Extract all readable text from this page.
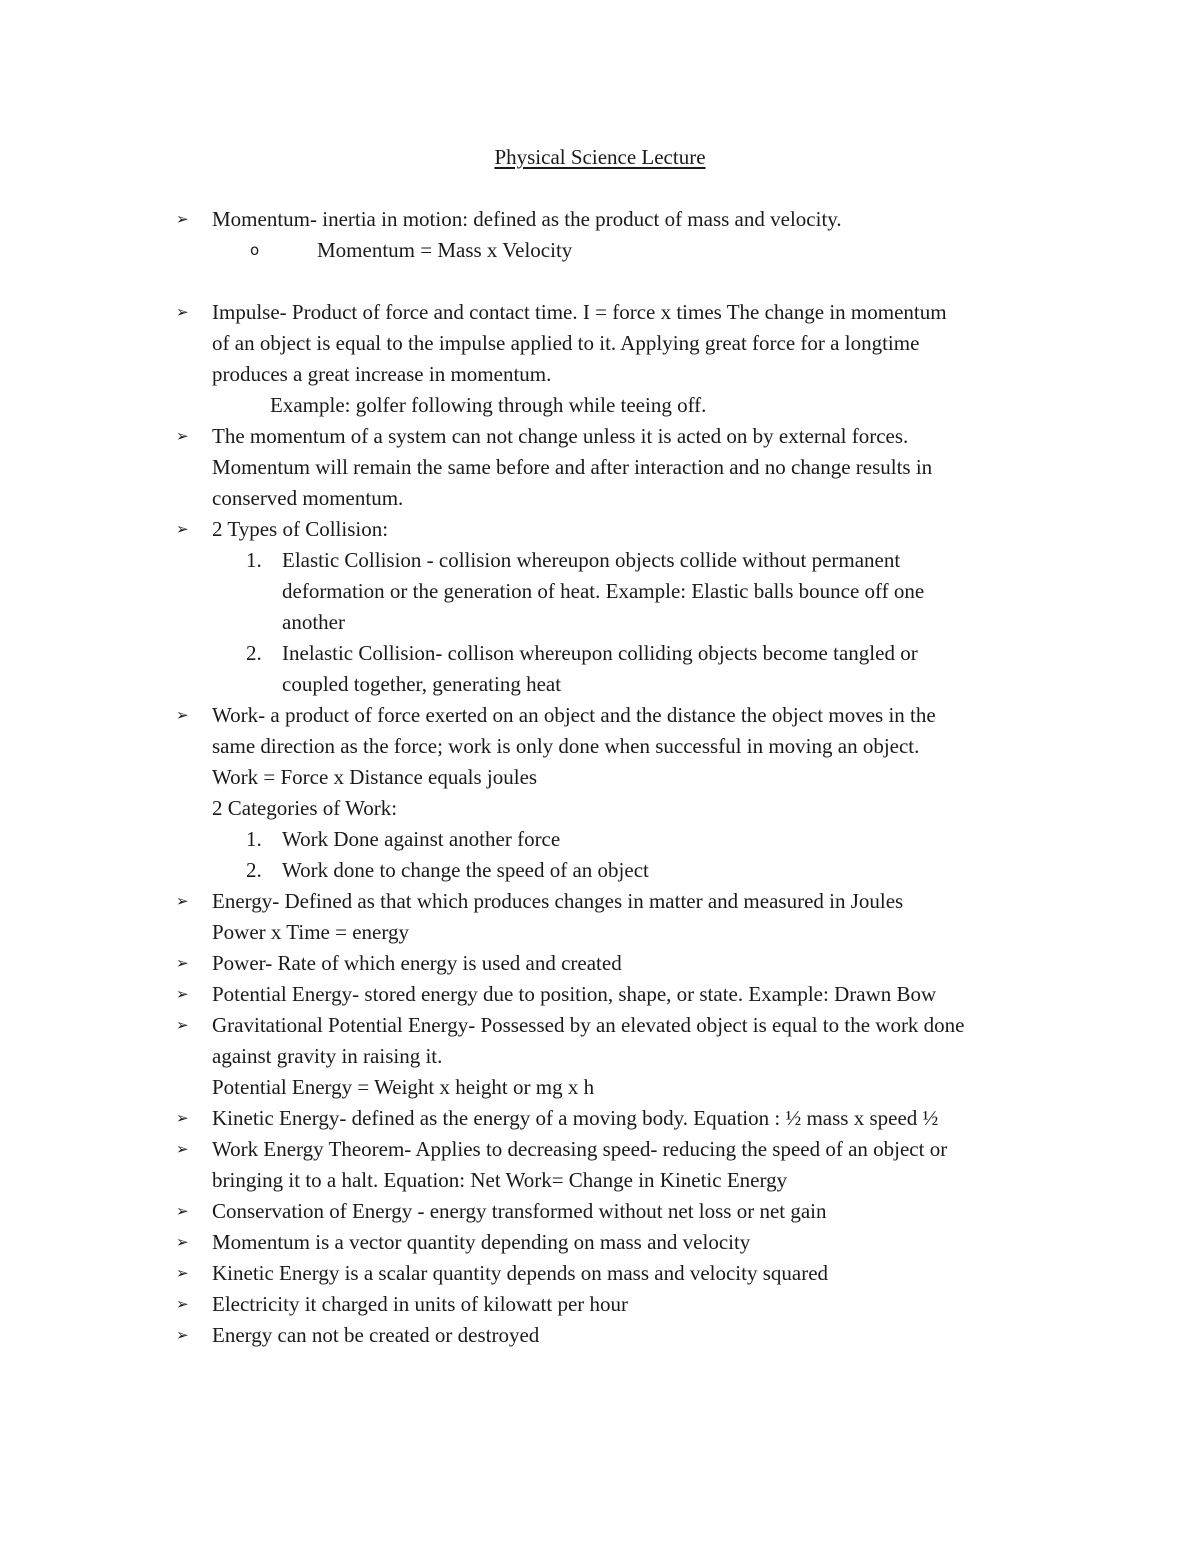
Physical Science Lecture
➢	Momentum- inertia in motion: defined as the product of mass and velocity.
o	Momentum = Mass x Velocity
➢	Impulse- Product of force and contact time. I = force x times The change in momentum
of an object is equal to the impulse applied to it. Applying great force for a longtime
produces a great increase in momentum.
Example: golfer following through while teeing off.
➢	The momentum of a system can not change unless it is acted on by external forces.
Momentum will remain the same before and after interaction and no change results in
conserved momentum.
➢	2 Types of Collision:
1. Elastic Collision - collision whereupon objects collide without permanent
deformation or the generation of heat. Example: Elastic balls bounce off one
another
2. Inelastic Collision- collison whereupon colliding objects become tangled or
coupled together, generating heat
➢	Work- a product of force exerted on an object and the distance the object moves in the
same direction as the force; work is only done when successful in moving an object.
Work = Force x Distance equals joules
2 Categories of Work:
1. Work Done against another force
2. Work done to change the speed of an object
➢	Energy- Defined as that which produces changes in matter and measured in Joules
Power x Time = energy
➢	Power- Rate of which energy is used and created
➢	Potential Energy- stored energy due to position, shape, or state. Example: Drawn Bow
➢	Gravitational Potential Energy- Possessed by an elevated object is equal to the work done
against gravity in raising it.
Potential Energy = Weight x height or mg x h
➢	Kinetic Energy- defined as the energy of a moving body. Equation : ½ mass x speed ½
➢	Work Energy Theorem- Applies to decreasing speed- reducing the speed of an object or
bringing it to a halt. Equation: Net Work= Change in Kinetic Energy
➢	Conservation of Energy - energy transformed without net loss or net gain
➢	Momentum is a vector quantity depending on mass and velocity
➢	Kinetic Energy is a scalar quantity depends on mass and velocity squared
➢	Electricity it charged in units of kilowatt per hour
➢	Energy can not be created or destroyed
